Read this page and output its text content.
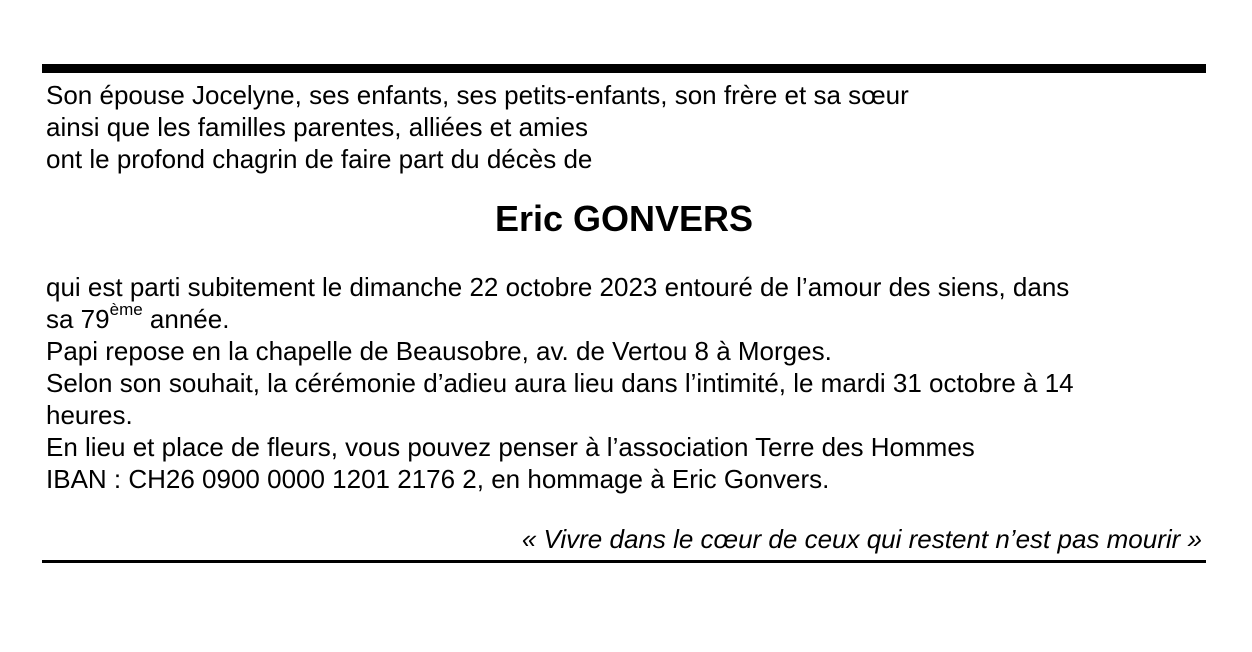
Son épouse Jocelyne, ses enfants, ses petits-enfants, son frère et sa sœur
ainsi que les familles parentes, alliées et amies
ont le profond chagrin de faire part du décès de
Eric GONVERS
qui est parti subitement le dimanche 22 octobre 2023 entouré de l’amour des siens, dans
sa 79ème année.
Papi repose en la chapelle de Beausobre, av. de Vertou 8 à Morges.
Selon son souhait, la cérémonie d’adieu aura lieu dans l’intimité, le mardi 31 octobre à 14
heures.
En lieu et place de fleurs, vous pouvez penser à l’association Terre des Hommes
IBAN : CH26 0900 0000 1201 2176 2, en hommage à Eric Gonvers.
« Vivre dans le cœur de ceux qui restent n’est pas mourir »
